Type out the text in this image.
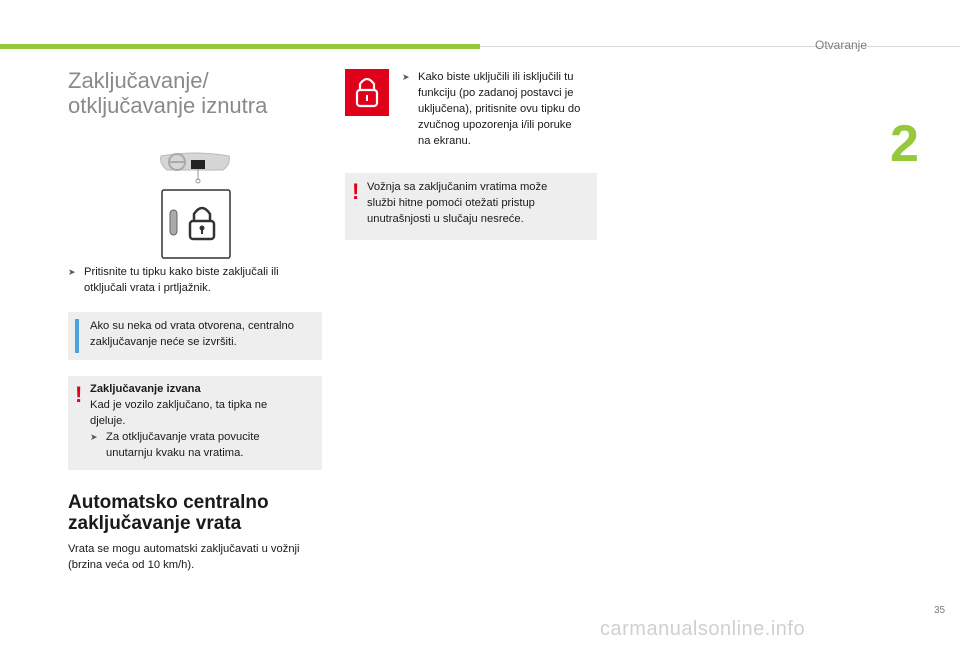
Otvaranje
2
Zaključavanje/
otključavanje iznutra
➤ Pritisnite tu tipku kako biste zaključali ili
otključali vrata i prtljažnik.
Ako su neka od vrata otvorena, centralno
zaključavanje neće se izvršiti.
! Zaključavanje izvana
Kad je vozilo zaključano, ta tipka ne
djeluje.
➤ Za otključavanje vrata povucite
unutarnju kvaku na vratima.
Automatsko centralno
zaključavanje vrata
Vrata se mogu automatski zaključavati u vožnji
(brzina veća od 10 km/h).
➤ Kako biste uključili ili isključili tu
funkciju (po zadanoj postavci je
uključena), pritisnite ovu tipku do
zvučnog upozorenja i/ili poruke
na ekranu.
! Vožnja sa zaključanim vratima može
službi hitne pomoći otežati pristup
unutrašnjosti u slučaju nesreće.
35
carmanualsonline.info
